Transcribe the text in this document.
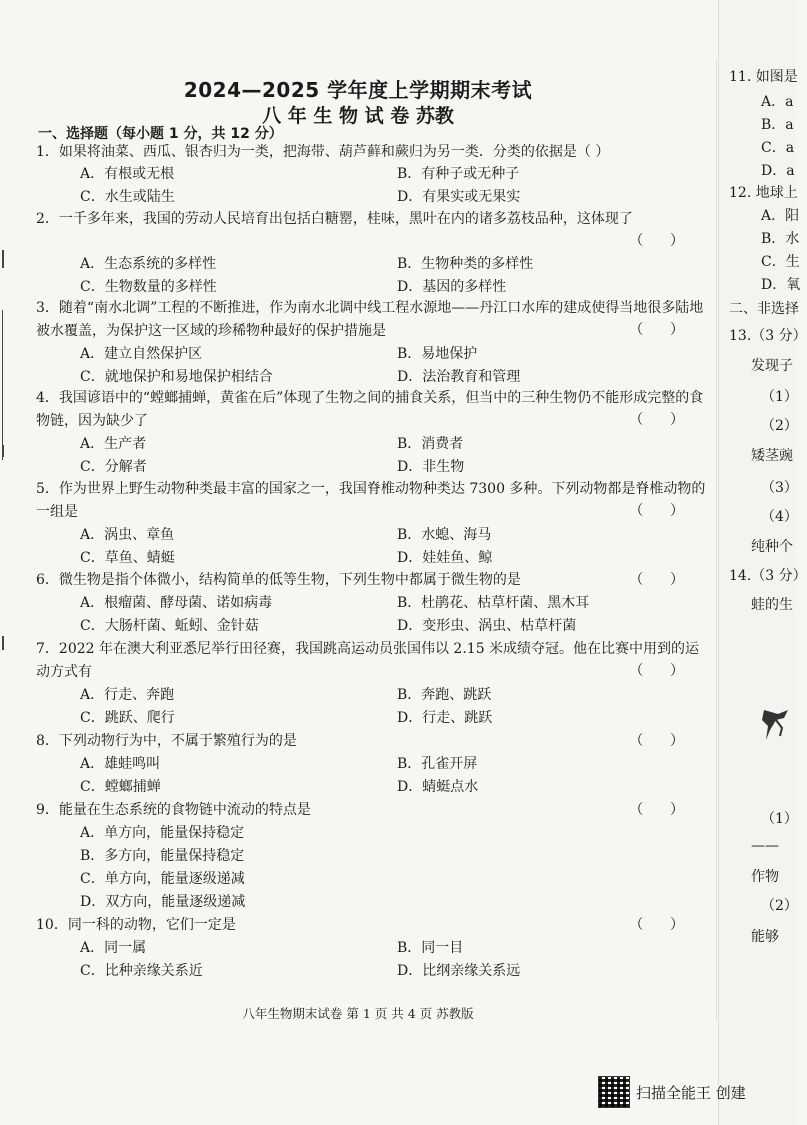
2024—2025 学年度上学期期末考试
八 年 生 物 试 卷 苏教
一、选择题（每小题 1 分，共 12 分）
1．如果将油菜、西瓜、银杏归为一类，把海带、葫芦藓和蕨归为另一类．分类的依据是（ ）
A．有根或无根	B．有种子或无种子
C．水生或陆生	D．有果实或无果实
2．一千多年来，我国的劳动人民培育出包括白糖罂，桂味，黑叶在内的诸多荔枝品种，这体现了
（      ）
A．生态系统的多样性	B．生物种类的多样性
C．生物数量的多样性	D．基因的多样性
3．随着“南水北调”工程的不断推进，作为南水北调中线工程水源地——丹江口水库的建成使得当地很多陆地被水覆盖，为保护这一区域的珍稀物种最好的保护措施是	（      ）
A．建立自然保护区	B．易地保护
C．就地保护和易地保护相结合	D．法治教育和管理
4．我国谚语中的“螳螂捕蝉，黄雀在后”体现了生物之间的捕食关系，但当中的三种生物仍不能形成完整的食物链，因为缺少了	（      ）
A．生产者	B．消费者
C．分解者	D．非生物
5．作为世界上野生动物种类最丰富的国家之一，我国脊椎动物种类达 7300 多种。下列动物都是脊椎动物的一组是	（      ）
A．涡虫、章鱼	B．水螅、海马
C．草鱼、蜻蜓	D．娃娃鱼、鲸
6．微生物是指个体微小，结构简单的低等生物，下列生物中都属于微生物的是	（      ）
A．根瘤菌、酵母菌、诺如病毒	B．杜鹃花、枯草杆菌、黑木耳
C．大肠杆菌、蚯蚓、金针菇	D．变形虫、涡虫、枯草杆菌
7．2022 年在澳大利亚悉尼举行田径赛，我国跳高运动员张国伟以 2.15 米成绩夺冠。他在比赛中用到的运动方式有	（      ）
A．行走、奔跑	B．奔跑、跳跃
C．跳跃、爬行	D．行走、跳跃
8．下列动物行为中，不属于繁殖行为的是	（      ）
A．雄蛙鸣叫	B．孔雀开屏
C．螳螂捕蝉	D．蜻蜓点水
9．能量在生态系统的食物链中流动的特点是	（      ）
A．单方向，能量保持稳定
B．多方向，能量保持稳定
C．单方向，能量逐级递减
D．双方向，能量逐级递减
10．同一科的动物，它们一定是	（      ）
A．同一属	B．同一目
C．比种亲缘关系近	D．比纲亲缘关系远
八年生物期末试卷 第 1 页 共 4 页 苏教版
11. 如图是
A．a
B．a
C．a
D．a
12. 地球上
A．阳
B．水
C．生
D．氧
二、非选择
13.（3 分）
发现子
（1）
（2）
矮茎豌
（3）
（4）
纯种个
14.（3 分）
蛙的生
（1）
——
作物
（2）
能够
扫描全能王 创建
